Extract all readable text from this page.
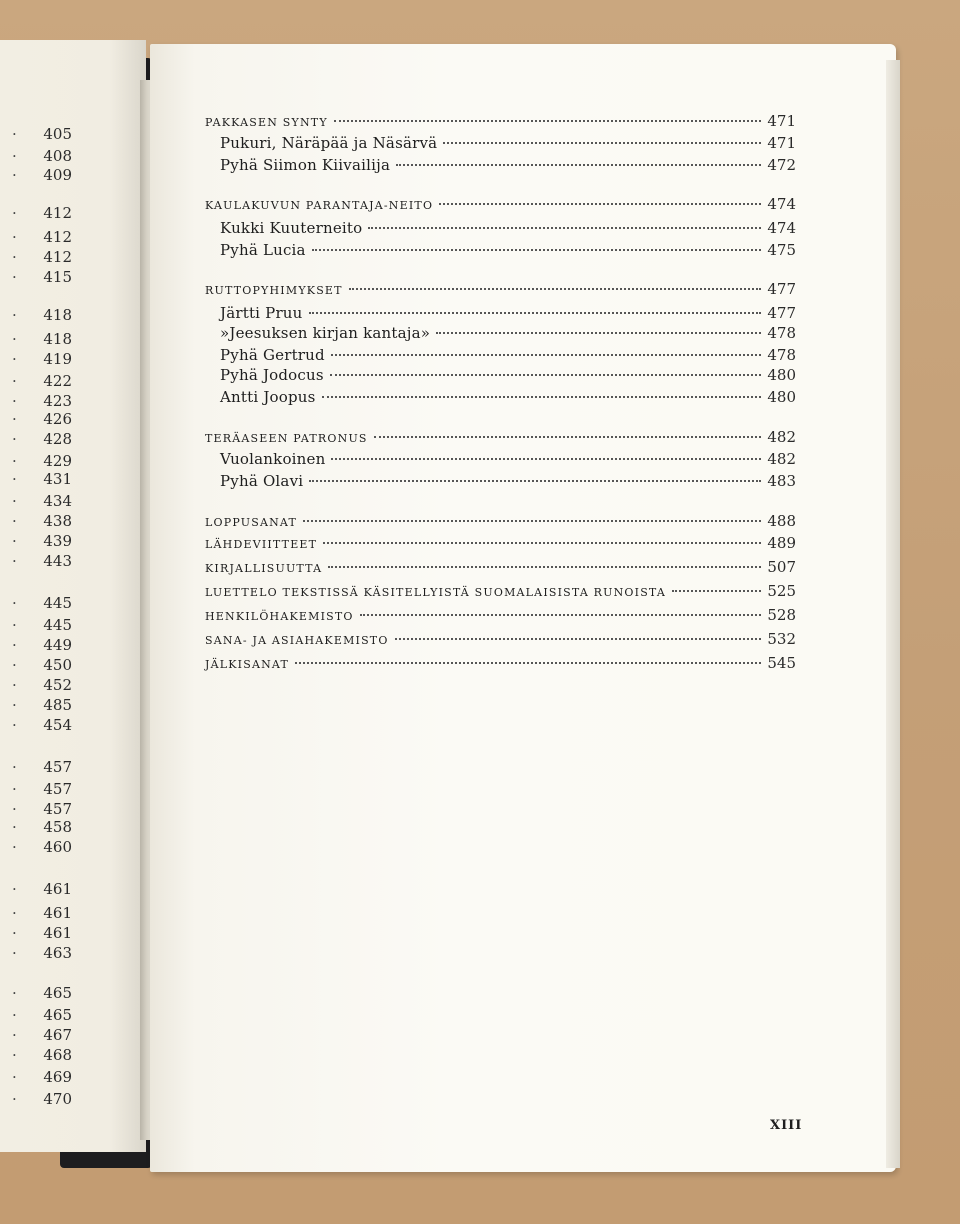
· 405
· 408
· 409
· 412
· 412
· 412
· 415
· 418
· 418
· 419
· 422
· 423
· 426
· 428
· 429
· 431
· 434
· 438
· 439
· 443
· 445
· 445
· 449
· 450
· 452
· 485
· 454
· 457
· 457
· 457
· 458
· 460
· 461
· 461
· 461
· 463
· 465
· 465
· 467
· 468
· 469
· 470
PAKKASEN SYNTY	471
Pukuri, Näräpää ja Näsärvä	471
Pyhä Siimon Kiivailija	472
KAULAKUVUN PARANTAJA-NEITO	474
Kukki Kuuterneito	474
Pyhä Lucia	475
RUTTOPYHIMYKSET	477
Järtti Pruu	477
»Jeesuksen kirjan kantaja»	478
Pyhä Gertrud	478
Pyhä Jodocus	480
Antti Joopus	480
TERÄASEEN PATRONUS	482
Vuolankoinen	482
Pyhä Olavi	483
LOPPUSANAT	488
LÄHDEVIITTEET	489
KIRJALLISUUTTA	507
LUETTELO TEKSTISSÄ KÄSITELLYISTÄ SUOMALAISISTA RUNOISTA	525
HENKILÖHAKEMISTO	528
SANA- JA ASIAHAKEMISTO	532
JÄLKISANAT	545
XIII
